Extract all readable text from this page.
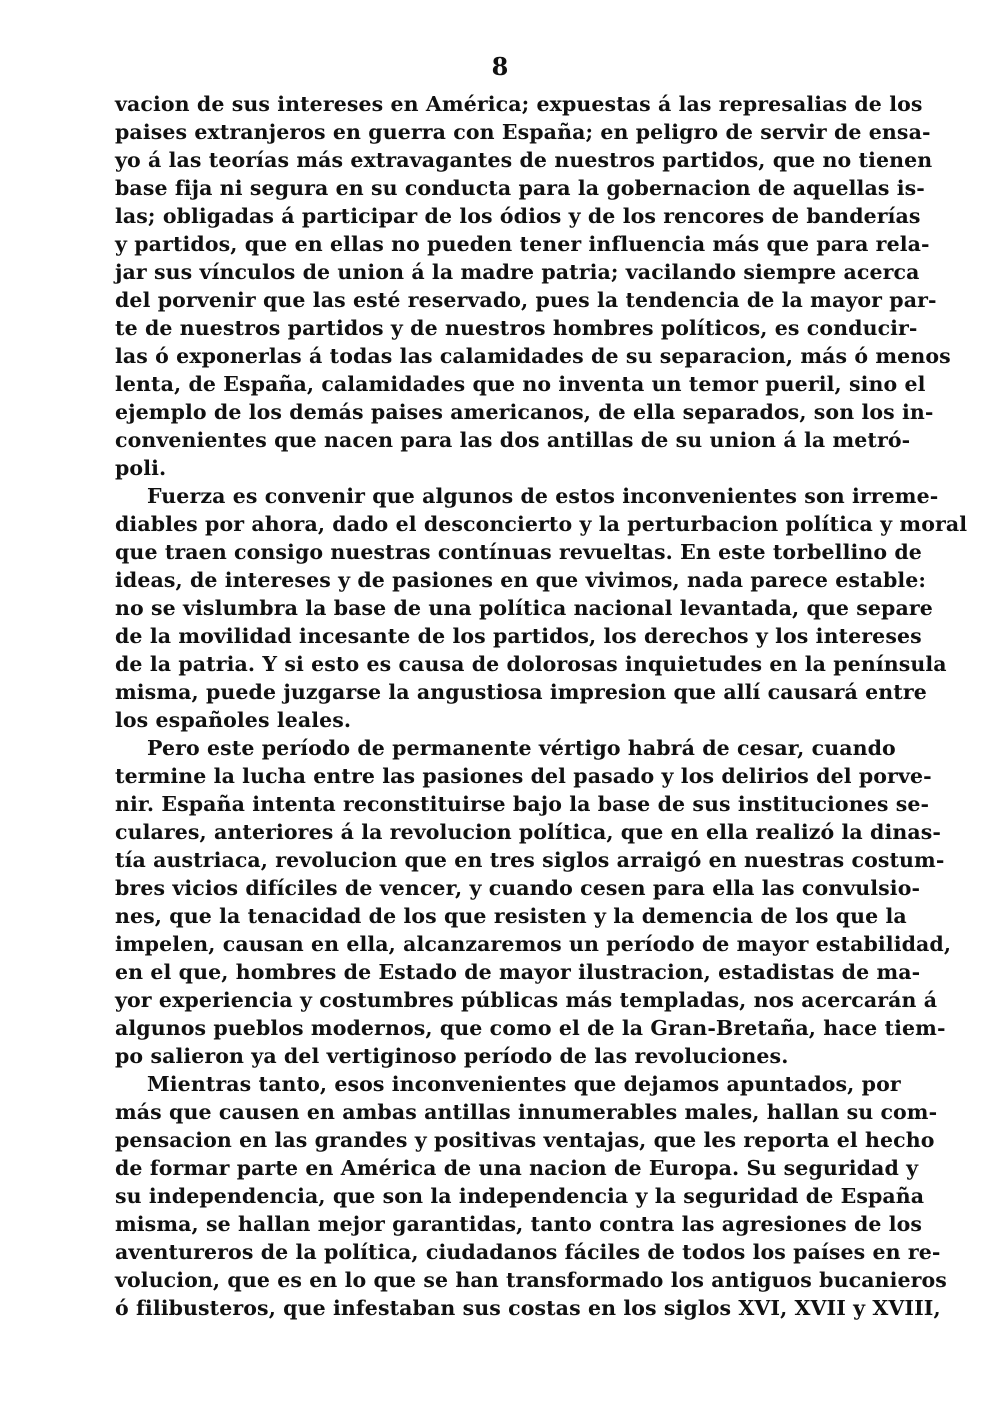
8
vacion de sus intereses en América; expuestas á las represalias de los
paises extranjeros en guerra con España; en peligro de servir de ensa-
yo á las teorías más extravagantes de nuestros partidos, que no tienen
base fija ni segura en su conducta para la gobernacion de aquellas is-
las; obligadas á participar de los ódios y de los rencores de banderías
y partidos, que en ellas no pueden tener influencia más que para rela-
jar sus vínculos de union á la madre patria; vacilando siempre acerca
del porvenir que las esté reservado, pues la tendencia de la mayor par-
te de nuestros partidos y de nuestros hombres políticos, es conducir-
las ó exponerlas á todas las calamidades de su separacion, más ó menos
lenta, de España, calamidades que no inventa un temor pueril, sino el
ejemplo de los demás paises americanos, de ella separados, son los in-
convenientes que nacen para las dos antillas de su union á la metró-
poli.
Fuerza es convenir que algunos de estos inconvenientes son irreme-
diables por ahora, dado el desconcierto y la perturbacion política y moral
que traen consigo nuestras contínuas revueltas. En este torbellino de
ideas, de intereses y de pasiones en que vivimos, nada parece estable:
no se vislumbra la base de una política nacional levantada, que separe
de la movilidad incesante de los partidos, los derechos y los intereses
de la patria. Y si esto es causa de dolorosas inquietudes en la península
misma, puede juzgarse la angustiosa impresion que allí causará entre
los españoles leales.
Pero este período de permanente vértigo habrá de cesar, cuando
termine la lucha entre las pasiones del pasado y los delirios del porve-
nir. España intenta reconstituirse bajo la base de sus instituciones se-
culares, anteriores á la revolucion política, que en ella realizó la dinas-
tía austriaca, revolucion que en tres siglos arraigó en nuestras costum-
bres vicios difíciles de vencer, y cuando cesen para ella las convulsio-
nes, que la tenacidad de los que resisten y la demencia de los que la
impelen, causan en ella, alcanzaremos un período de mayor estabilidad,
en el que, hombres de Estado de mayor ilustracion, estadistas de ma-
yor experiencia y costumbres públicas más templadas, nos acercarán á
algunos pueblos modernos, que como el de la Gran-Bretaña, hace tiem-
po salieron ya del vertiginoso período de las revoluciones.
Mientras tanto, esos inconvenientes que dejamos apuntados, por
más que causen en ambas antillas innumerables males, hallan su com-
pensacion en las grandes y positivas ventajas, que les reporta el hecho
de formar parte en América de una nacion de Europa. Su seguridad y
su independencia, que son la independencia y la seguridad de España
misma, se hallan mejor garantidas, tanto contra las agresiones de los
aventureros de la política, ciudadanos fáciles de todos los países en re-
volucion, que es en lo que se han transformado los antiguos bucanieros
ó filibusteros, que infestaban sus costas en los siglos XVI, XVII y XVIII,
